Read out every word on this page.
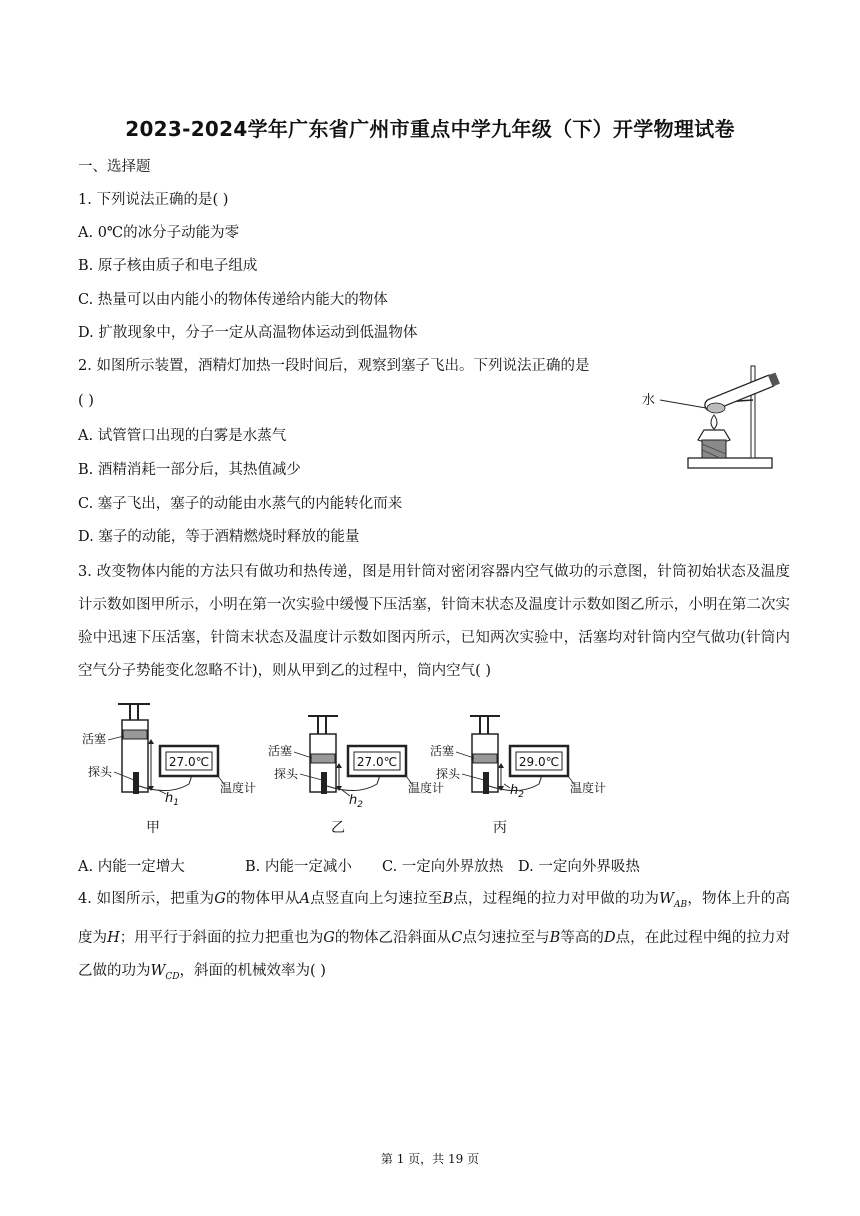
2023-2024学年广东省广州市重点中学九年级（下）开学物理试卷
一、选择题
1. 下列说法正确的是( )
A. 0℃的冰分子动能为零
B. 原子核由质子和电子组成
C. 热量可以由内能小的物体传递给内能大的物体
D. 扩散现象中，分子一定从高温物体运动到低温物体
2. 如图所示装置，酒精灯加热一段时间后，观察到塞子飞出。下列说法正确的是
( )
A. 试管管口出现的白雾是水蒸气
B. 酒精消耗一部分后，其热值减少
C. 塞子飞出，塞子的动能由水蒸气的内能转化而来
D. 塞子的动能，等于酒精燃烧时释放的能量
水
3. 改变物体内能的方法只有做功和热传递，图是用针筒对密闭容器内空气做功的示意图，针筒初始状态及温度计示数如图甲所示，小明在第一次实验中缓慢下压活塞，针筒末状态及温度计示数如图乙所示，小明在第二次实验中迅速下压活塞，针筒末状态及温度计示数如图丙所示，已知两次实验中，活塞均对针筒内空气做功(针筒内空气分子势能变化忽略不计)，则从甲到乙的过程中，筒内空气( )
27.0℃
活塞
探头
温度计
$h_1$
甲
27.0℃
活塞
探头
温度计
$h_2$
乙
29.0℃
活塞
探头
温度计
$h_2$
丙
A. 内能一定增大	B. 内能一定减小 C. 一定向外界放热 D. 一定向外界吸热
4. 如图所示，把重为G的物体甲从A点竖直向上匀速拉至B点，过程绳的拉力对甲做的功为$W_{AB}$，物体上升的高度为H；用平行于斜面的拉力把重也为G的物体乙沿斜面从C点匀速拉至与B等高的D点，在此过程中绳的拉力对乙做的功为$W_{CD}$，斜面的机械效率为( )
第 1 页，共 19 页
